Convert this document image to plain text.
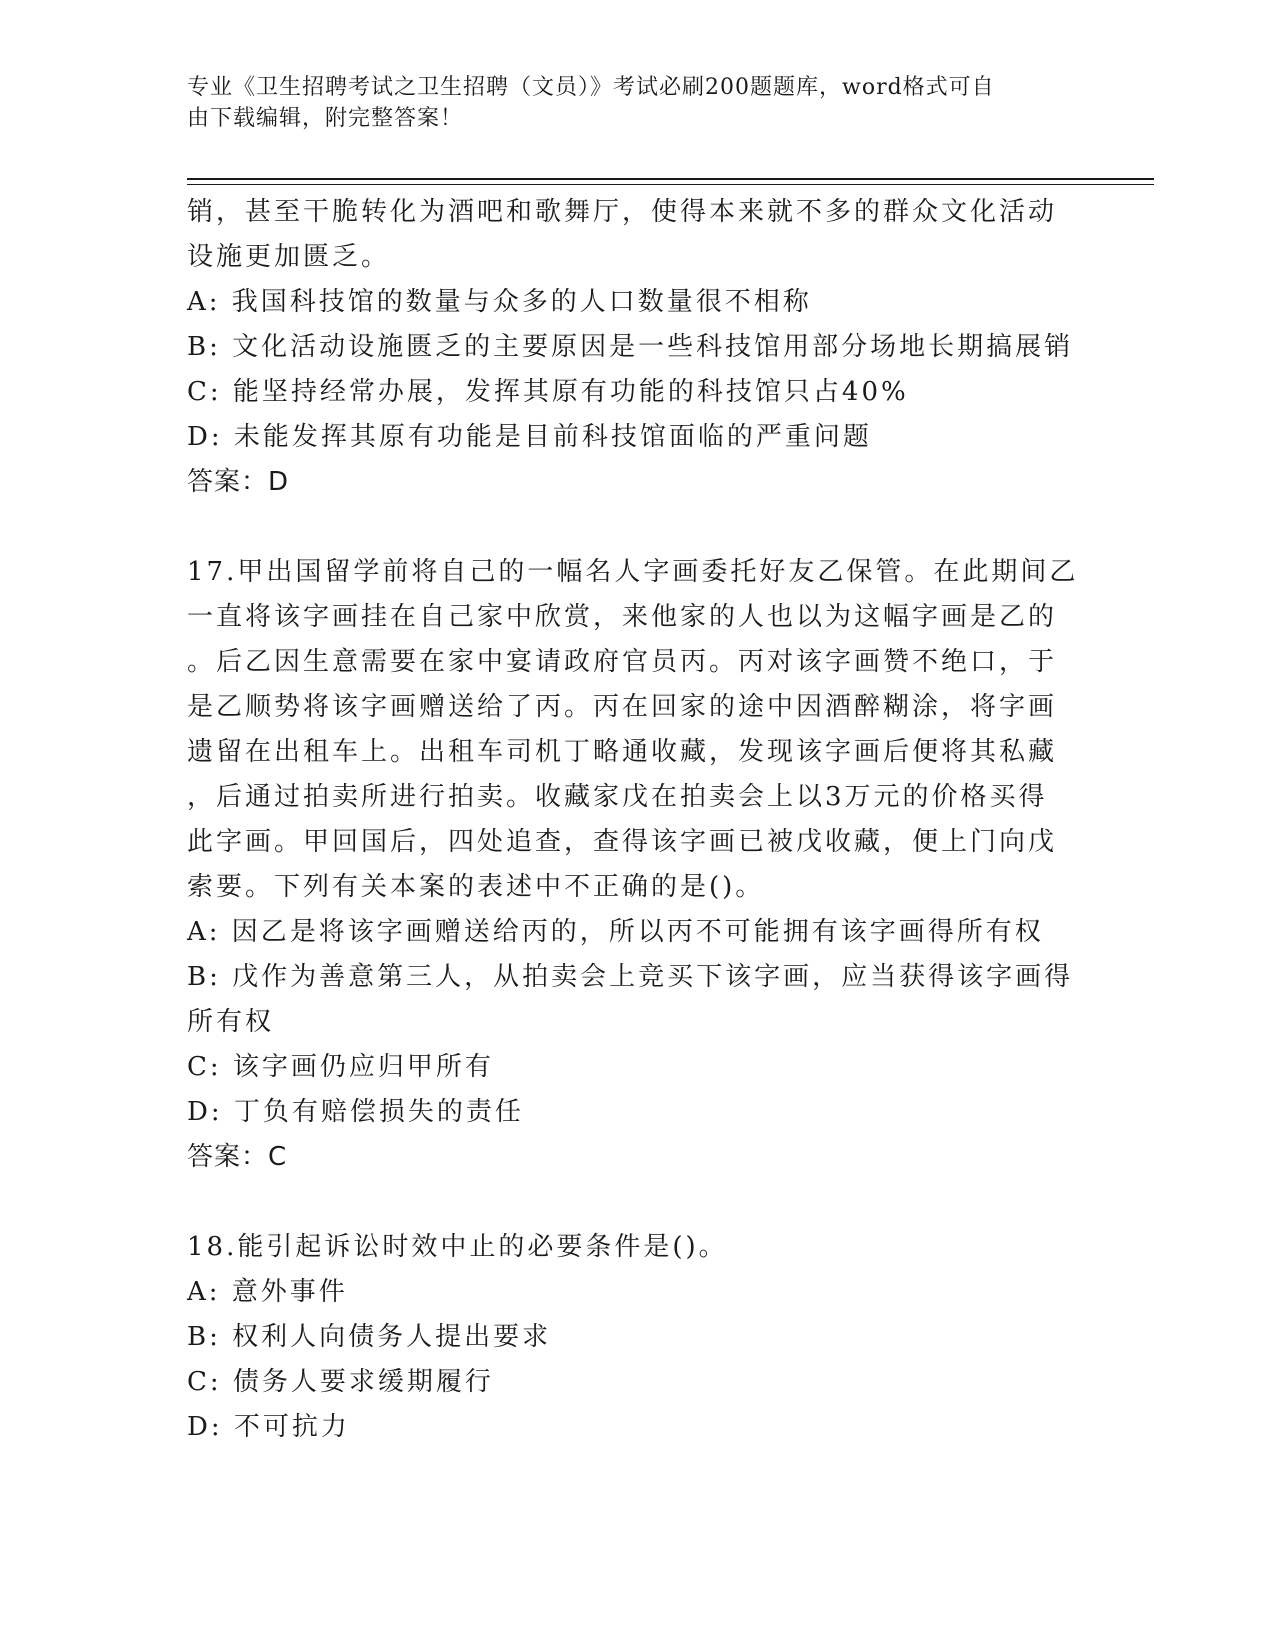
专业《卫生招聘考试之卫生招聘（文员）》考试必刷200题题库，word格式可自
由下载编辑，附完整答案！
销，甚至干脆转化为酒吧和歌舞厅，使得本来就不多的群众文化活动
设施更加匮乏。
A: 我国科技馆的数量与众多的人口数量很不相称
B: 文化活动设施匮乏的主要原因是一些科技馆用部分场地长期搞展销
C: 能坚持经常办展，发挥其原有功能的科技馆只占40%
D: 未能发挥其原有功能是目前科技馆面临的严重问题
答案：D
17.甲出国留学前将自己的一幅名人字画委托好友乙保管。在此期间乙
一直将该字画挂在自己家中欣赏，来他家的人也以为这幅字画是乙的
。后乙因生意需要在家中宴请政府官员丙。丙对该字画赞不绝口，于
是乙顺势将该字画赠送给了丙。丙在回家的途中因酒醉糊涂，将字画
遗留在出租车上。出租车司机丁略通收藏，发现该字画后便将其私藏
，后通过拍卖所进行拍卖。收藏家戊在拍卖会上以3万元的价格买得
此字画。甲回国后，四处追查，查得该字画已被戊收藏，便上门向戊
索要。下列有关本案的表述中不正确的是()。
A: 因乙是将该字画赠送给丙的，所以丙不可能拥有该字画得所有权
B: 戊作为善意第三人，从拍卖会上竞买下该字画，应当获得该字画得
所有权
C: 该字画仍应归甲所有
D: 丁负有赔偿损失的责任
答案：C
18.能引起诉讼时效中止的必要条件是()。
A: 意外事件
B: 权利人向债务人提出要求
C: 债务人要求缓期履行
D: 不可抗力
